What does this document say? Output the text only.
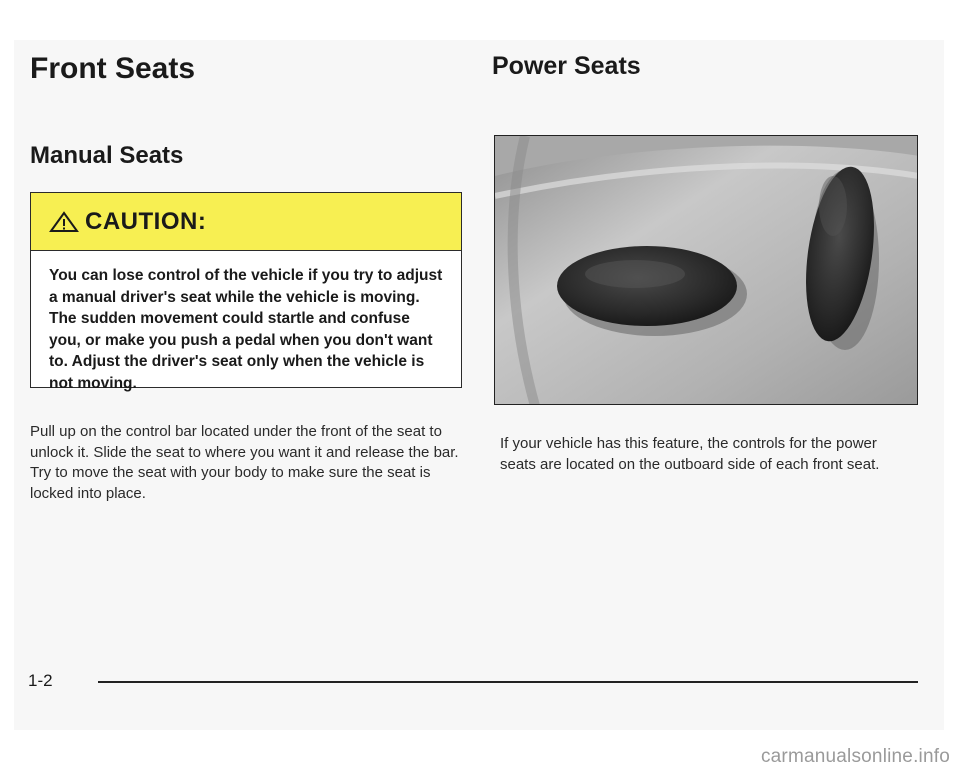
Front Seats
Manual Seats
CAUTION:

You can lose control of the vehicle if you try to adjust a manual driver's seat while the vehicle is moving. The sudden movement could startle and confuse you, or make you push a pedal when you don't want to. Adjust the driver's seat only when the vehicle is not moving.

Pull up on the control bar located under the front of the seat to unlock it. Slide the seat to where you want it and release the bar. Try to move the seat with your body to make sure the seat is locked into place.

Power Seats

If your vehicle has this feature, the controls for the power seats are located on the outboard side of each front seat.

1-2

carmanualsonline.info
